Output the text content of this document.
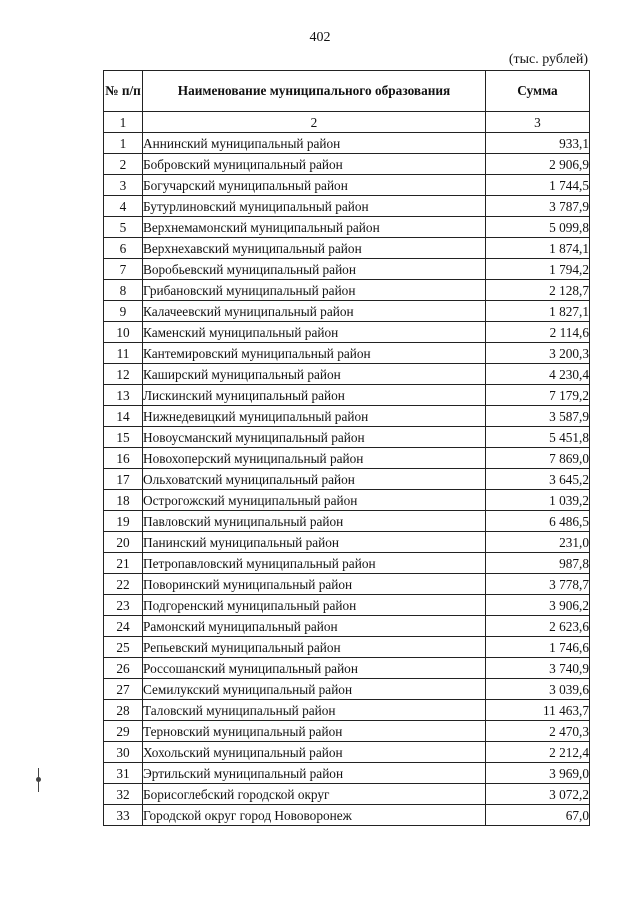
402
(тыс. рублей)
№ п/п	Наименование муниципального образования	Сумма
1	2	3
1	Аннинский муниципальный район	933,1
2	Бобровский муниципальный район	2 906,9
3	Богучарский муниципальный район	1 744,5
4	Бутурлиновский муниципальный район	3 787,9
5	Верхнемамонский муниципальный район	5 099,8
6	Верхнехавский муниципальный район	1 874,1
7	Воробьевский муниципальный район	1 794,2
8	Грибановский муниципальный район	2 128,7
9	Калачеевский муниципальный район	1 827,1
10	Каменский муниципальный район	2 114,6
11	Кантемировский муниципальный район	3 200,3
12	Каширский муниципальный район	4 230,4
13	Лискинский муниципальный район	7 179,2
14	Нижнедевицкий муниципальный район	3 587,9
15	Новоусманский муниципальный район	5 451,8
16	Новохоперский муниципальный район	7 869,0
17	Ольховатский муниципальный район	3 645,2
18	Острогожский муниципальный район	1 039,2
19	Павловский муниципальный район	6 486,5
20	Панинский муниципальный район	231,0
21	Петропавловский муниципальный район	987,8
22	Поворинский муниципальный район	3 778,7
23	Подгоренский муниципальный район	3 906,2
24	Рамонский муниципальный район	2 623,6
25	Репьевский муниципальный район	1 746,6
26	Россошанский муниципальный район	3 740,9
27	Семилукский муниципальный район	3 039,6
28	Таловский муниципальный район	11 463,7
29	Терновский муниципальный район	2 470,3
30	Хохольский муниципальный район	2 212,4
31	Эртильский муниципальный район	3 969,0
32	Борисоглебский городской округ	3 072,2
33	Городской округ город Нововоронеж	67,0
